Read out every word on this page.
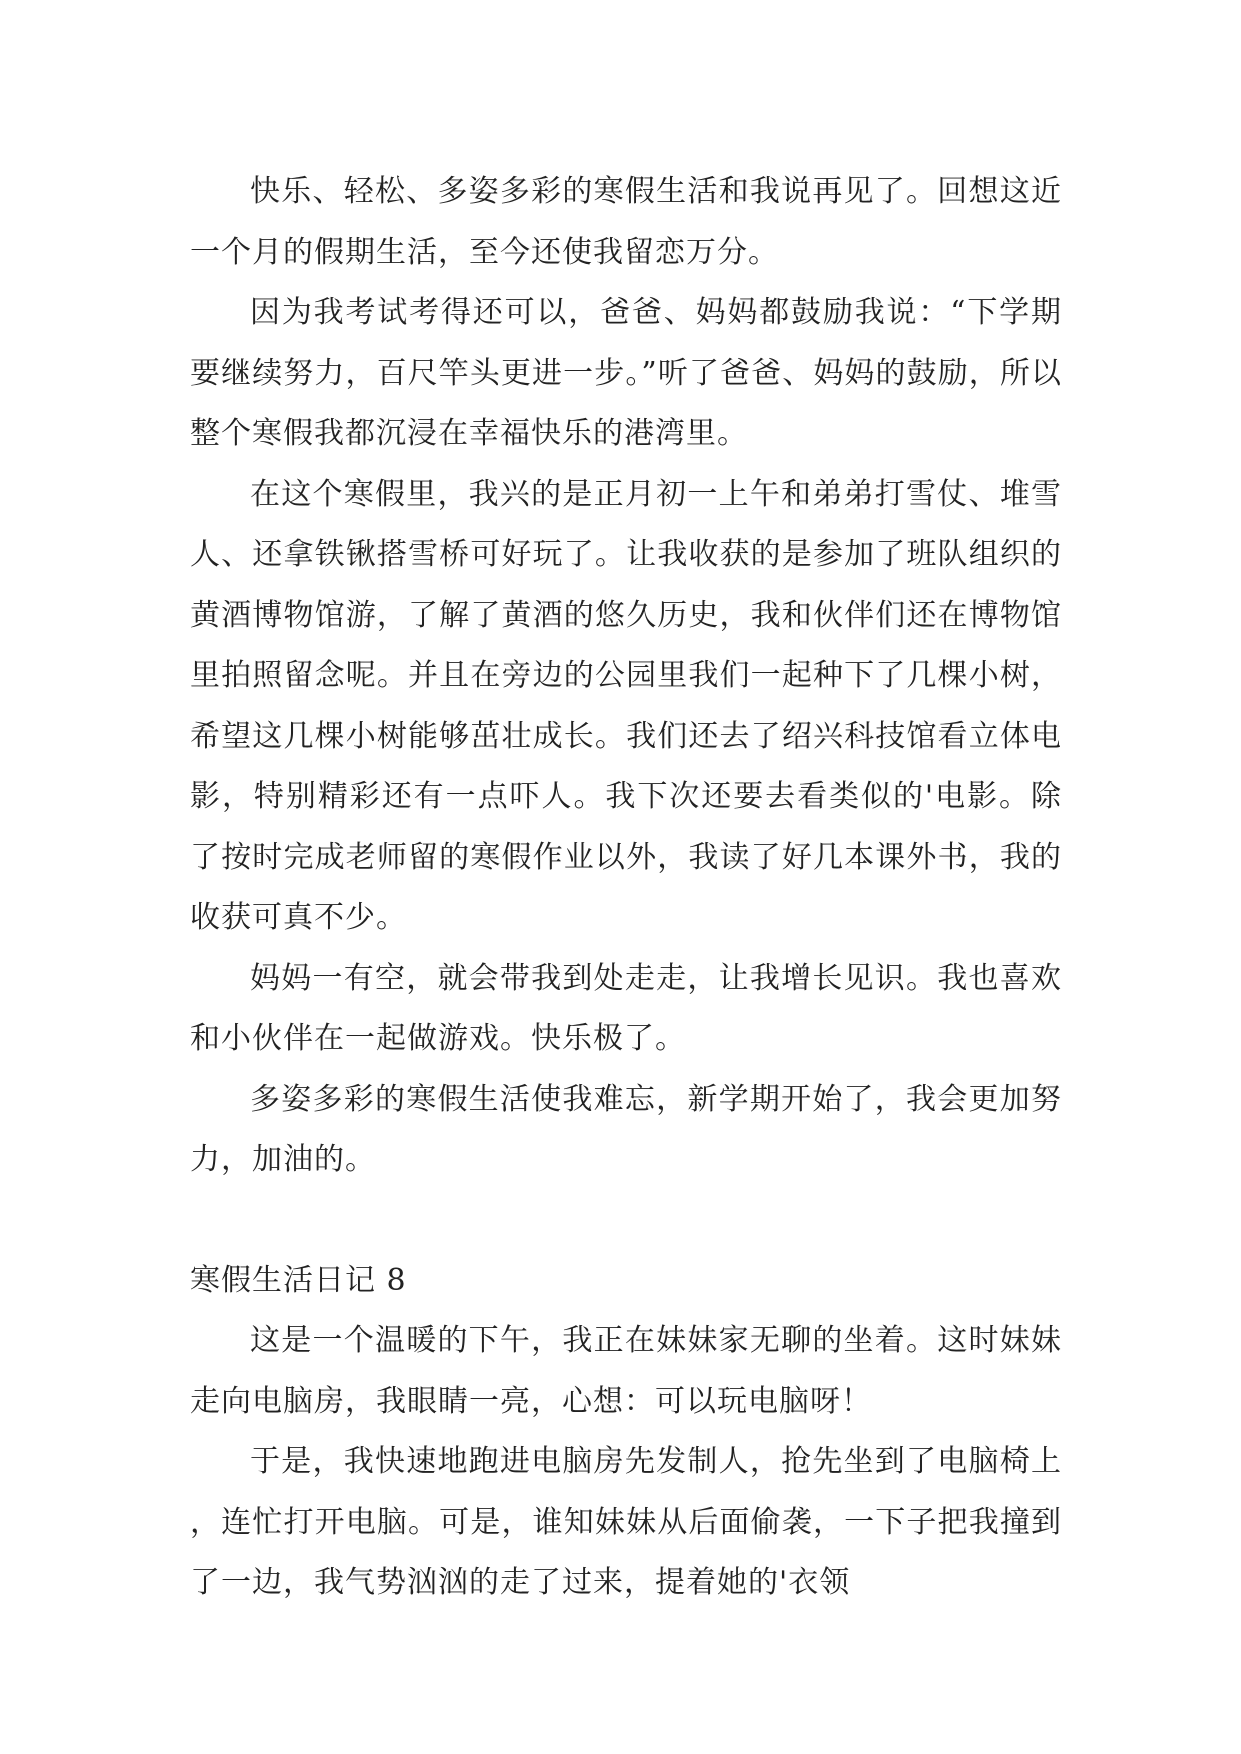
快乐、轻松、多姿多彩的寒假生活和我说再见了。回想这近一个月的假期生活，至今还使我留恋万分。

因为我考试考得还可以，爸爸、妈妈都鼓励我说：“下学期要继续努力，百尺竿头更进一步。”听了爸爸、妈妈的鼓励，所以整个寒假我都沉浸在幸福快乐的港湾里。

在这个寒假里，我兴的是正月初一上午和弟弟打雪仗、堆雪人、还拿铁锹搭雪桥可好玩了。让我收获的是参加了班队组织的黄酒博物馆游，了解了黄酒的悠久历史，我和伙伴们还在博物馆里拍照留念呢。并且在旁边的公园里我们一起种下了几棵小树，希望这几棵小树能够茁壮成长。我们还去了绍兴科技馆看立体电影，特别精彩还有一点吓人。我下次还要去看类似的'电影。除了按时完成老师留的寒假作业以外，我读了好几本课外书，我的收获可真不少。

妈妈一有空，就会带我到处走走，让我增长见识。我也喜欢和小伙伴在一起做游戏。快乐极了。

多姿多彩的寒假生活使我难忘，新学期开始了，我会更加努力，加油的。

寒假生活日记 8

这是一个温暖的下午，我正在妹妹家无聊的坐着。这时妹妹走向电脑房，我眼睛一亮，心想：可以玩电脑呀！

于是，我快速地跑进电脑房先发制人，抢先坐到了电脑椅上，连忙打开电脑。可是，谁知妹妹从后面偷袭，一下子把我撞到了一边，我气势汹汹的走了过来，提着她的'衣领
